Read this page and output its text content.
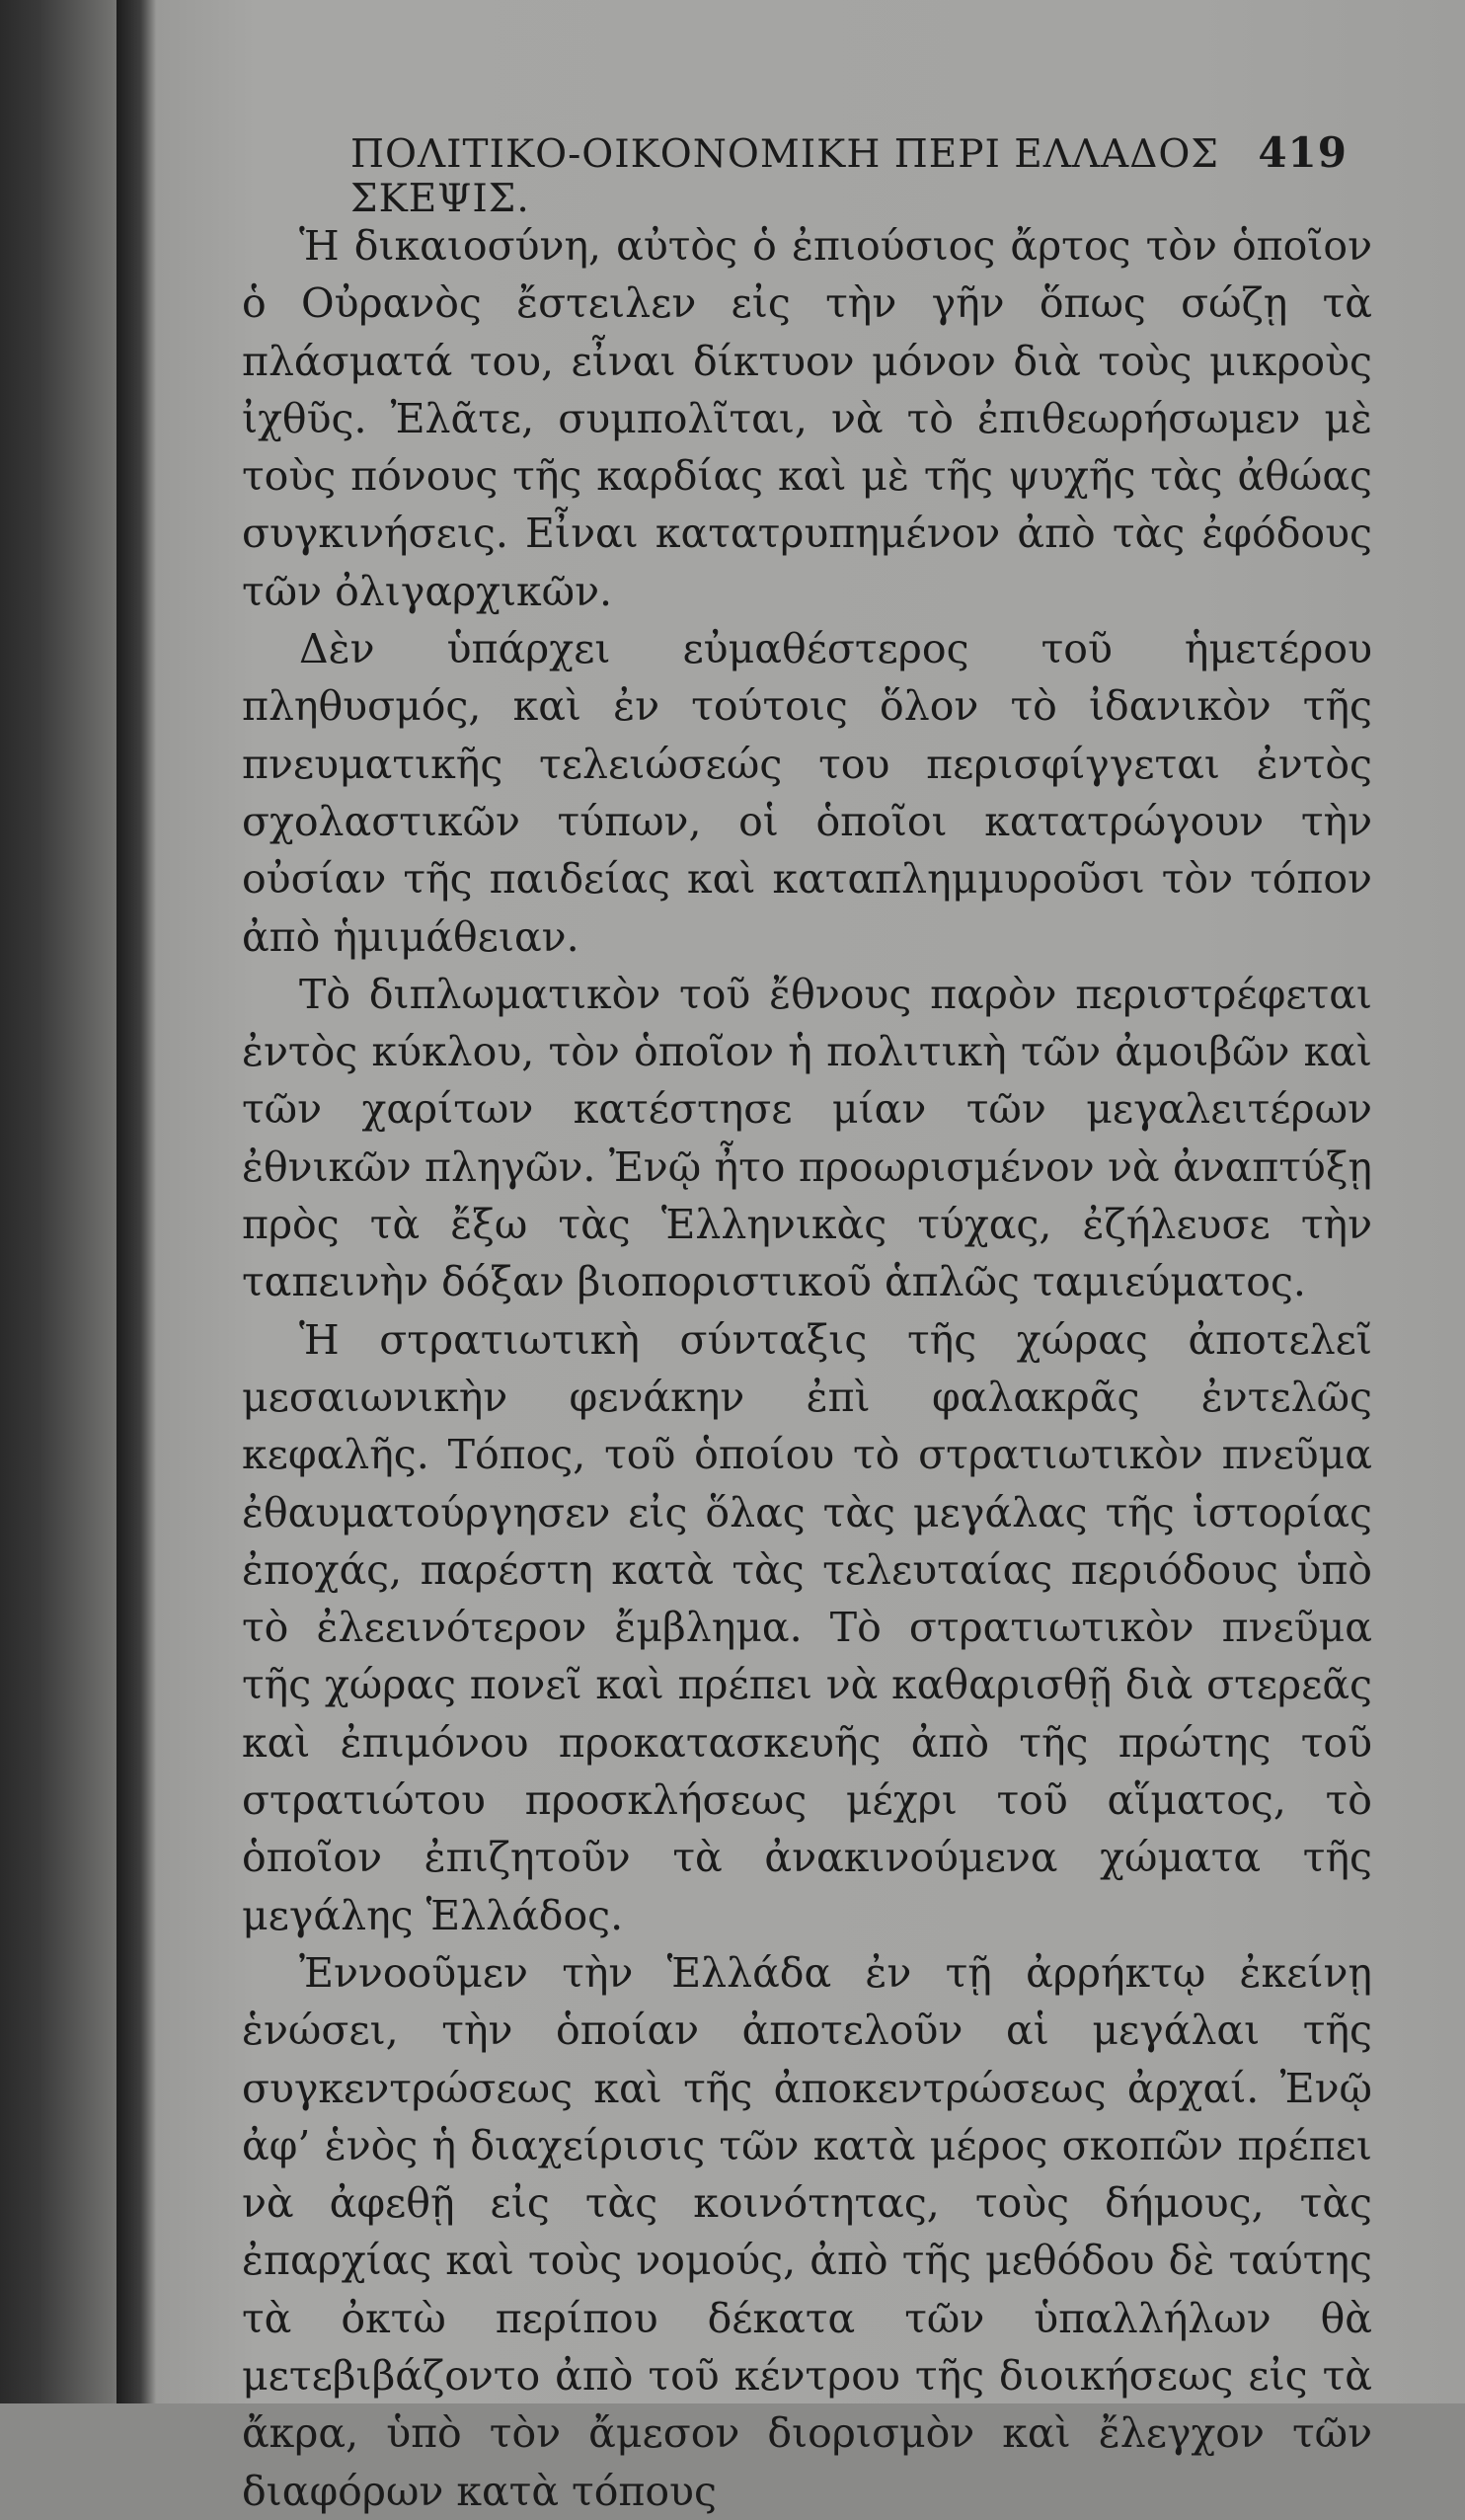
ΠΟΛΙΤΙΚΟ-ΟΙΚΟΝΟΜΙΚΗ ΠΕΡΙ ΕΛΛΑΔΟΣ ΣΚΕΨΙΣ.
419

Ἡ δικαιοσύνη, αὐτὸς ὁ ἐπιούσιος ἄρτος τὸν ὁποῖον ὁ Οὐρανὸς ἔστειλεν εἰς τὴν γῆν ὅπως σώζῃ τὰ πλάσματά του, εἶναι δίκτυον μόνον διὰ τοὺς μικροὺς ἰχθῦς. Ἐλᾶτε, συμπολῖται, νὰ τὸ ἐπιθεωρήσωμεν μὲ τοὺς πόνους τῆς καρδίας καὶ μὲ τῆς ψυχῆς τὰς ἀθώας συγκινήσεις. Εἶναι κατατρυπημένον ἀπὸ τὰς ἐφόδους τῶν ὀλιγαρχικῶν.

Δὲν ὑπάρχει εὐμαθέστερος τοῦ ἡμετέρου πληθυσμός, καὶ ἐν τούτοις ὅλον τὸ ἰδανικὸν τῆς πνευματικῆς τελειώσεώς του περισφίγγεται ἐντὸς σχολαστικῶν τύπων, οἱ ὁποῖοι κατατρώγουν τὴν οὐσίαν τῆς παιδείας καὶ καταπλημμυροῦσι τὸν τόπον ἀπὸ ἡμιμάθειαν.

Τὸ διπλωματικὸν τοῦ ἔθνους παρὸν περιστρέφεται ἐντὸς κύκλου, τὸν ὁποῖον ἡ πολιτικὴ τῶν ἀμοιβῶν καὶ τῶν χαρίτων κατέστησε μίαν τῶν μεγαλειτέρων ἐθνικῶν πληγῶν. Ἐνῷ ἦτο προωρισμένον νὰ ἀναπτύξῃ πρὸς τὰ ἔξω τὰς Ἑλληνικὰς τύχας, ἐζήλευσε τὴν ταπεινὴν δόξαν βιοποριστικοῦ ἁπλῶς ταμιεύματος.

Ἡ στρατιωτικὴ σύνταξις τῆς χώρας ἀποτελεῖ μεσαιωνικὴν φενάκην ἐπὶ φαλακρᾶς ἐντελῶς κεφαλῆς. Τόπος, τοῦ ὁποίου τὸ στρατιωτικὸν πνεῦμα ἐθαυματούργησεν εἰς ὅλας τὰς μεγάλας τῆς ἱστορίας ἐποχάς, παρέστη κατὰ τὰς τελευταίας περιόδους ὑπὸ τὸ ἐλεεινότερον ἔμβλημα. Τὸ στρατιωτικὸν πνεῦμα τῆς χώρας πονεῖ καὶ πρέπει νὰ καθαρισθῇ διὰ στερεᾶς καὶ ἐπιμόνου προκατασκευῆς ἀπὸ τῆς πρώτης τοῦ στρατιώτου προσκλήσεως μέχρι τοῦ αἵματος, τὸ ὁποῖον ἐπιζητοῦν τὰ ἀνακινούμενα χώματα τῆς μεγάλης Ἑλλάδος.

Ἐννοοῦμεν τὴν Ἑλλάδα ἐν τῇ ἀρρήκτῳ ἐκείνῃ ἑνώσει, τὴν ὁποίαν ἀποτελοῦν αἱ μεγάλαι τῆς συγκεντρώσεως καὶ τῆς ἀποκεντρώσεως ἀρχαί. Ἐνῷ ἀφ’ ἑνὸς ἡ διαχείρισις τῶν κατὰ μέρος σκοπῶν πρέπει νὰ ἀφεθῇ εἰς τὰς κοινότητας, τοὺς δήμους, τὰς ἐπαρχίας καὶ τοὺς νομούς, ἀπὸ τῆς μεθόδου δὲ ταύτης τὰ ὀκτὼ περίπου δέκατα τῶν ὑπαλλήλων θὰ μετεβιβάζοντο ἀπὸ τοῦ κέντρου τῆς διοικήσεως εἰς τὰ ἄκρα, ὑπὸ τὸν ἄμεσον διορισμὸν καὶ ἔλεγχον τῶν διαφόρων κατὰ τόπους
